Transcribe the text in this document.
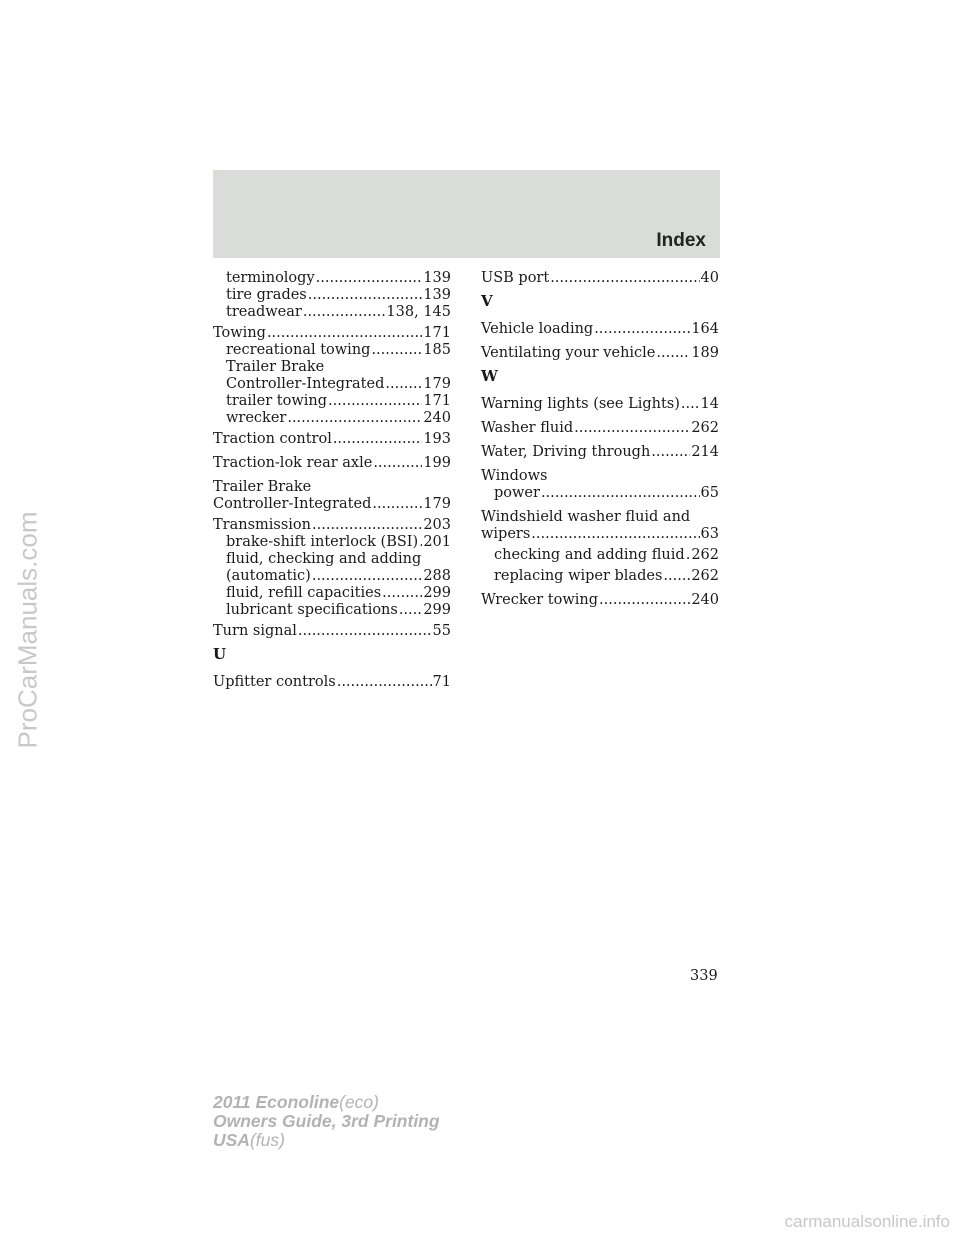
Index
terminology .....	139
tire grades .....	139
treadwear .....	138, 145
Towing .....	171
recreational towing .....	185
Trailer Brake
Controller-Integrated .....	179
trailer towing .....	171
wrecker .....	240
Traction control .....	193
Traction-lok rear axle .....	199
Trailer Brake
Controller-Integrated .....	179
Transmission .....	203
brake-shift interlock (BSI) ..... 201
fluid, checking and adding
(automatic) .....	288
fluid, refill capacities .....	299
lubricant specifications ..... 299
Turn signal .....	55
U
Upfitter controls .....	71
USB port .....	40
V
Vehicle loading .....	164
Ventilating your vehicle ..... 189
W
Warning lights (see Lights) ..... 14
Washer fluid .....	262
Water, Driving through .....	214
Windows
power .....	65
Windshield washer fluid and
wipers .....	63
checking and adding fluid ..... 262
replacing wiper blades ..... 262
Wrecker towing .....	240
339
2011 Econoline(eco)
Owners Guide, 3rd Printing
USA(fus)
ProCarManuals.com
carmanualsonline.info
